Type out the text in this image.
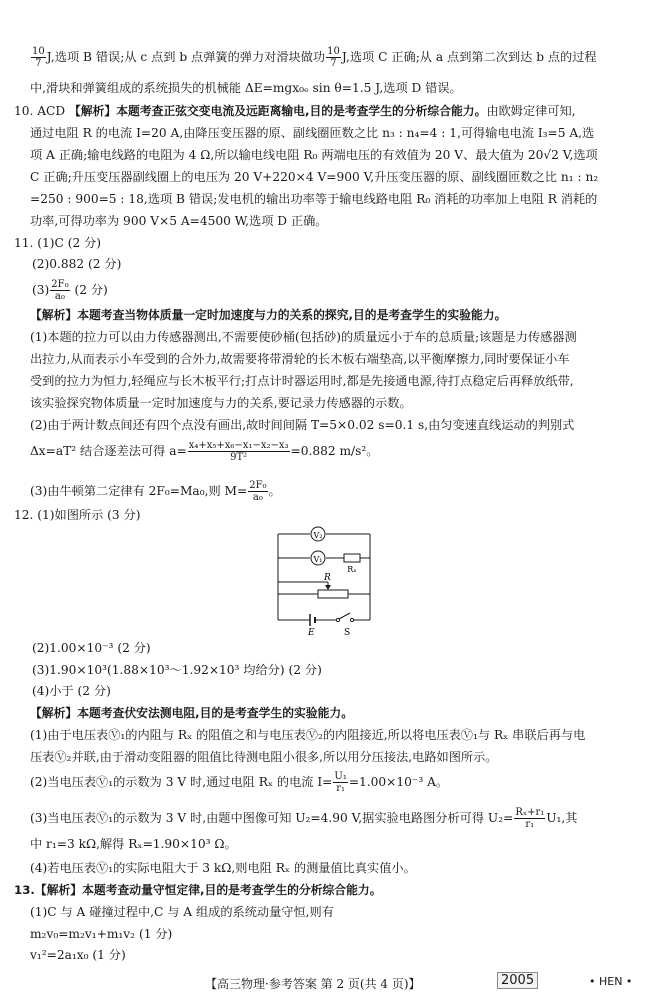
$\frac{10}{7} J$,选项 B 错误;从 c 点到 b 点弹簧的弹力对滑块做功 $\frac{10}{7} J$,选项 C 正确;从 a 点到第二次到达 b 点的过程
中,滑块和弹簧组成的系统损失的机械能 ΔE=mgx₀ₑ sin θ=1.5 J,选项 D 错误。
10. ACD 【解析】本题考查正弦交变电流及远距离输电,目的是考查学生的分析综合能力。由欧姆定律可知,
通过电阻 R 的电流 I=20 A,由降压变压器的原、副线圈匝数之比 n₃ : n₄=4 : 1,可得输电电流 I₃=5 A,选
项 A 正确;输电线路的电阻为 4 Ω,所以输电线电阻 R₀ 两端电压的有效值为 20 V、最大值为 20√2 V,选项
C 正确;升压变压器副线圈上的电压为 20 V+220×4 V=900 V,升压变压器的原、副线圈匝数之比 n₁ : n₂
=250 : 900=5 : 18,选项 B 错误;发电机的输出功率等于输电线路电阻 R₀ 消耗的功率加上电阻 R 消耗的
功率,可得功率为 900 V×5 A=4500 W,选项 D 正确。
11. (1)C (2 分)
(2)0.882 (2 分)
$(3) \frac{\text{2F₀}}{\text{a₀}} (2$ 分)
【解析】本题考查当物体质量一定时加速度与力的关系的探究,目的是考查学生的实验能力。
(1)本题的拉力可以由力传感器测出,不需要使砂桶(包括砂)的质量远小于车的总质量;该题是力传感器测
出拉力,从而表示小车受到的合外力,故需要将带滑轮的长木板右端垫高,以平衡摩擦力,同时要保证小车
受到的拉力为恒力,轻绳应与长木板平行;打点计时器运用时,都是先接通电源,待打点稳定后再释放纸带,
该实验探究物体质量一定时加速度与力的关系,要记录力传感器的示数。
(2)由于两计数点间还有四个点没有画出,故时间间隔 T=5×0.02 s=0.1 s,由匀变速直线运动的判别式
Δx=aT² 结合逐差法可得 $a= \frac{\text{x₄+x₅+x₆−x₁−x₂−x₃}}{\text{9T²}} =0.882$ m/s²。
(3)由牛顿第二定律有 2F₀=Ma₀,则 $M= \frac{\text{2F₀}}{\text{a₀}}$ 。
12. (1)如图所示 (3 分)
V₂
V₁
Rₓ
R
E	S
(2)1.00×10⁻³ (2 分)
(3)1.90×10³(1.88×10³～1.92×10³ 均给分) (2 分)
(4)小于 (2 分)
【解析】本题考查伏安法测电阻,目的是考查学生的实验能力。
(1)由于电压表Ⓥ₁的内阻与 Rₓ 的阻值之和与电压表Ⓥ₂的内阻接近,所以将电压表Ⓥ₁与 Rₓ 串联后再与电
压表Ⓥ₂并联,由于滑动变阻器的阻值比待测电阻小很多,所以用分压接法,电路如图所示。
(2)当电压表Ⓥ₁的示数为 3 V 时,通过电阻 Rₓ 的电流 $I= \frac{\text{U₁}}{\text{r₁}} =1.00\times 10^{-3}$ A。
(3)当电压表Ⓥ₁的示数为 3 V 时,由题中图像可知 U₂=4.90 V,据实验电路图分析可得 $U_2= \frac{\text{Rₓ+r₁}}{\text{r₁}} U_1$,其
中 r₁=3 kΩ,解得 Rₓ=1.90×10³ Ω。
(4)若电压表Ⓥ₁的实际电阻大于 3 kΩ,则电阻 Rₓ 的测量值比真实值小。
13.【解析】本题考查动量守恒定律,目的是考查学生的分析综合能力。
(1)C 与 A 碰撞过程中,C 与 A 组成的系统动量守恒,则有
m₂v₀=m₂v₁+m₁v₂ (1 分)
v₁²=2a₁x₀ (1 分)
【高三物理·参考答案 第 2 页(共 4 页)】	2005	• HEN •
